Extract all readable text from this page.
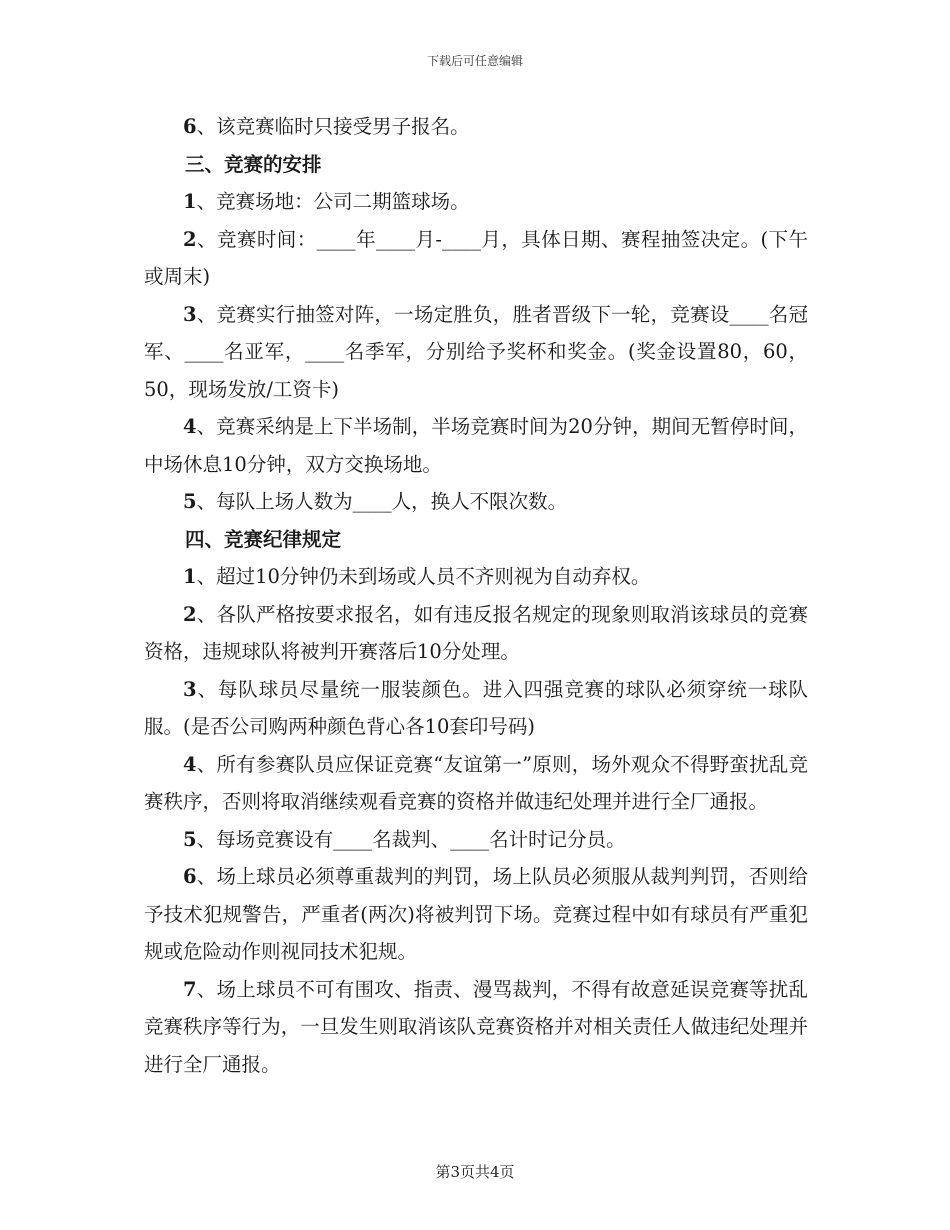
下载后可任意编辑

6、该竞赛临时只接受男子报名。

三、竞赛的安排

1、竞赛场地：公司二期篮球场。

2、竞赛时间：____年____月-____月，具体日期、赛程抽签决定。(下午或周末)

3、竞赛实行抽签对阵，一场定胜负，胜者晋级下一轮，竞赛设____名冠军、____名亚军，____名季军，分别给予奖杯和奖金。(奖金设置80，60，50，现场发放/工资卡)

4、竞赛采纳是上下半场制，半场竞赛时间为20分钟，期间无暂停时间，中场休息10分钟，双方交换场地。

5、每队上场人数为____人，换人不限次数。

四、竞赛纪律规定

1、超过10分钟仍未到场或人员不齐则视为自动弃权。

2、各队严格按要求报名，如有违反报名规定的现象则取消该球员的竞赛资格，违规球队将被判开赛落后10分处理。

3、每队球员尽量统一服装颜色。进入四强竞赛的球队必须穿统一球队服。(是否公司购两种颜色背心各10套印号码)

4、所有参赛队员应保证竞赛“友谊第一”原则，场外观众不得野蛮扰乱竞赛秩序，否则将取消继续观看竞赛的资格并做违纪处理并进行全厂通报。

5、每场竞赛设有____名裁判、____名计时记分员。

6、场上球员必须尊重裁判的判罚，场上队员必须服从裁判判罚，否则给予技术犯规警告，严重者(两次)将被判罚下场。竞赛过程中如有球员有严重犯规或危险动作则视同技术犯规。

7、场上球员不可有围攻、指责、漫骂裁判，不得有故意延误竞赛等扰乱竞赛秩序等行为，一旦发生则取消该队竞赛资格并对相关责任人做违纪处理并进行全厂通报。

第3页共4页
